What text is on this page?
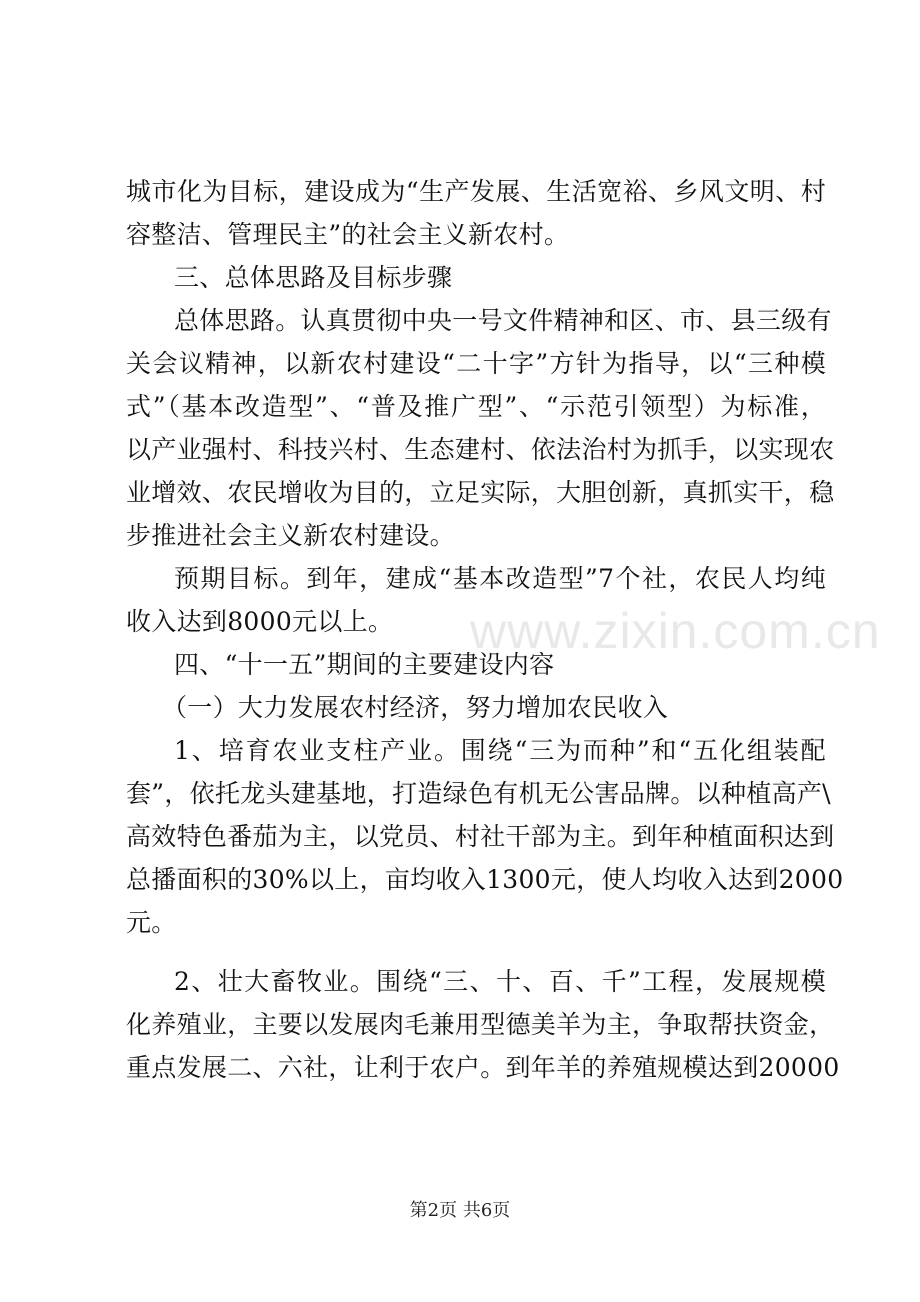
城市化为目标，建设成为“生产发展、生活宽裕、乡风文明、村
容整洁、管理民主”的社会主义新农村。
三、总体思路及目标步骤
总体思路。认真贯彻中央一号文件精神和区、市、县三级有
关会议精神，以新农村建设“二十字”方针为指导，以“三种模
式”（基本改造型”、“普及推广型”、“示范引领型）为标准，
以产业强村、科技兴村、生态建村、依法治村为抓手，以实现农
业增效、农民增收为目的，立足实际，大胆创新，真抓实干，稳
步推进社会主义新农村建设。
预期目标。到年，建成“基本改造型”7个社，农民人均纯
收入达到8000元以上。
四、“十一五”期间的主要建设内容
（一）大力发展农村经济，努力增加农民收入
1、培育农业支柱产业。围绕“三为而种”和“五化组装配
套”，依托龙头建基地，打造绿色有机无公害品牌。以种植高产\
高效特色番茄为主，以党员、村社干部为主。到年种植面积达到
总播面积的30%以上，亩均收入1300元，使人均收入达到2000
元。
2、壮大畜牧业。围绕“三、十、百、千”工程，发展规模
化养殖业，主要以发展肉毛兼用型德美羊为主，争取帮扶资金，
重点发展二、六社，让利于农户。到年羊的养殖规模达到20000
www.zixin.com.cn
第2页 共6页
